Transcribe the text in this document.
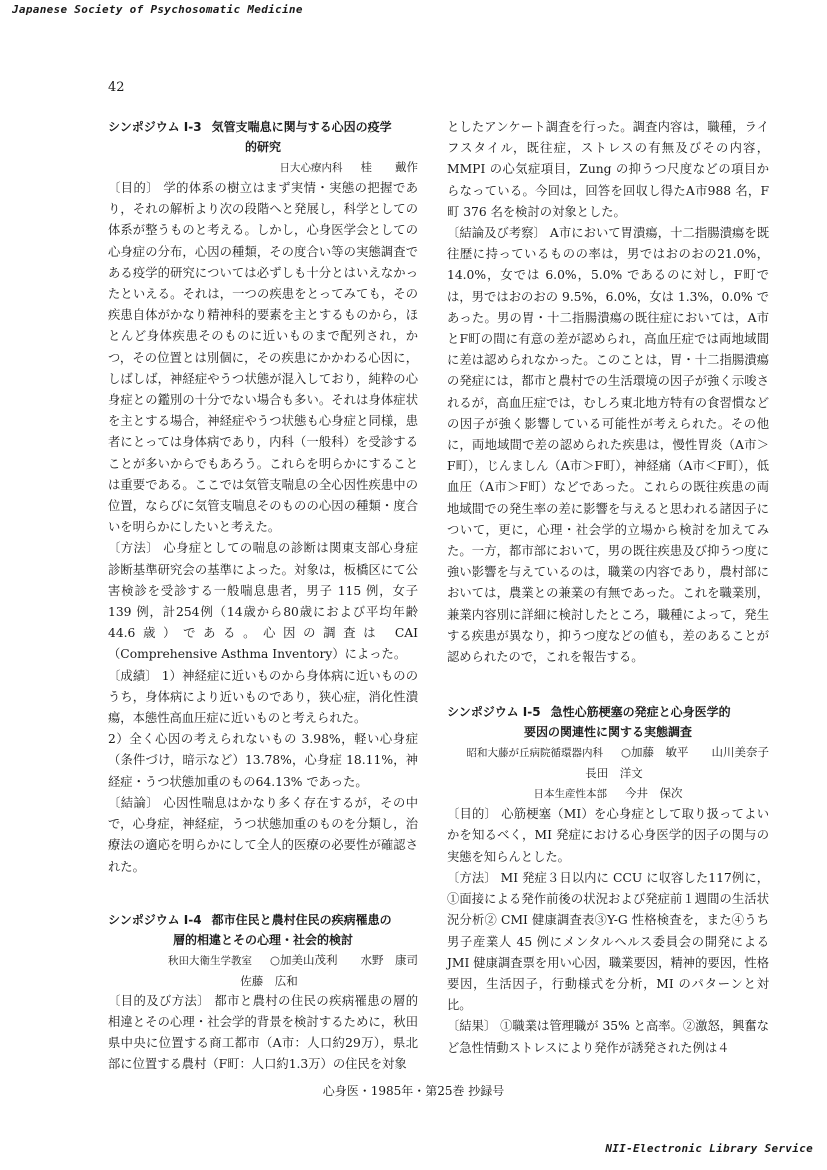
Japanese Society of Psychosomatic Medicine
42
シンポジウム I-3 気管支喘息に関与する心因の疫学
的研究
日大心療内科 桂　　戴作

〔目的〕 学的体系の樹立はまず実情・実態の把握であり，それの解析より次の段階へと発展し，科学としての体系が整うものと考える。しかし，心身医学会としての心身症の分布，心因の種類，その度合い等の実態調査である疫学的研究については必ずしも十分とはいえなかったといえる。それは，一つの疾患をとってみても，その疾患自体がかなり精神科的要素を主とするものから，ほとんど身体疾患そのものに近いものまで配列され，かつ，その位置とは別個に，その疾患にかかわる心因に，しばしば，神経症やうつ状態が混入しており，純粋の心身症との鑑別の十分でない場合も多い。それは身体症状を主とする場合，神経症やうつ状態も心身症と同様，患者にとっては身体病であり，内科（一般科）を受診することが多いからでもあろう。これらを明らかにすることは重要である。ここでは気管支喘息の全心因性疾患中の位置，ならびに気管支喘息そのものの心因の種類・度合いを明らかにしたいと考えた。

〔方法〕 心身症としての喘息の診断は関東支部心身症診断基準研究会の基準によった。対象は，板橋区にて公害検診を受診する一般喘息患者，男子 115 例，女子 139 例，計254例（14歳から80歳におよび平均年齢44.6歳）である。心因の調査は CAI（Comprehensive Asthma Inventory）によった。

〔成績〕 1）神経症に近いものから身体病に近いもののうち，身体病により近いものであり，狭心症，消化性潰瘍，本態性高血圧症に近いものと考えられた。

2）全く心因の考えられないもの 3.98%，軽い心身症（条件づけ，暗示など）13.78%，心身症 18.11%，神経症・うつ状態加重のもの64.13% であった。

〔結論〕 心因性喘息はかなり多く存在するが，その中で，心身症，神経症，うつ状態加重のものを分類し，治療法の適応を明らかにして全人的医療の必要性が確認された。

シンポジウム I-4 都市住民と農村住民の疾病罹患の
層的相違とその心理・社会的検討
秋田大衛生学教室 ○加美山茂利　　水野　康司
佐藤　広和

〔目的及び方法〕 都市と農村の住民の疾病罹患の層的相違とその心理・社会学的背景を検討するために，秋田県中央に位置する商工都市（A市：人口約29万），県北部に位置する農村（F町：人口約1.3万）の住民を対象

としたアンケート調査を行った。調査内容は，職種，ライフスタイル，既往症，ストレスの有無及びその内容，MMPI の心気症項目，Zung の抑うつ尺度などの項目からなっている。今回は，回答を回収し得たA市988 名，F町 376 名を検討の対象とした。

〔結論及び考察〕 A市において胃潰瘍，十二指腸潰瘍を既往歴に持っているものの率は，男ではおのおの21.0%，14.0%，女では 6.0%，5.0% であるのに対し，F町では，男ではおのおの 9.5%，6.0%，女は 1.3%，0.0% であった。男の胃・十二指腸潰瘍の既往症においては，A市とF町の間に有意の差が認められ，高血圧症では両地域間に差は認められなかった。このことは，胃・十二指腸潰瘍の発症には，都市と農村での生活環境の因子が強く示唆されるが，高血圧症では，むしろ東北地方特有の食習慣などの因子が強く影響している可能性が考えられた。その他に，両地域間で差の認められた疾患は，慢性胃炎（A市＞F町），じんましん（A市＞F町），神経痛（A市＜F町），低血圧（A市＞F町）などであった。これらの既往疾患の両地域間での発生率の差に影響を与えると思われる諸因子について，更に，心理・社会学的立場から検討を加えてみた。一方，都市部において，男の既往疾患及び抑うつ度に強い影響を与えているのは，職業の内容であり，農村部においては，農業との兼業の有無であった。これを職業別，兼業内容別に詳細に検討したところ，職種によって，発生する疾患が異なり，抑うつ度などの値も，差のあることが認められたので，これを報告する。

シンポジウム I-5 急性心筋梗塞の発症と心身医学的
要因の関連性に関する実態調査
昭和大藤が丘病院循環器内科 ○加藤　敏平　　山川美奈子
長田　洋文
日本生産性本部 今井　保次

〔目的〕 心筋梗塞（MI）を心身症として取り扱ってよいかを知るべく，MI 発症における心身医学的因子の関与の実態を知らんとした。

〔方法〕 MI 発症３日以内に CCU に収容した117例に，①面接による発作前後の状況および発症前１週間の生活状況分析② CMI 健康調査表③Y-G 性格検査を，また④うち男子産業人 45 例にメンタルヘルス委員会の開発による JMI 健康調査票を用い心因，職業要因，精神的要因，性格要因，生活因子，行動様式を分析，MI のパターンと対比。

〔結果〕 ①職業は管理職が 35% と高率。②激怒，興奮など急性情動ストレスにより発作が誘発された例は４

心身医・1985年・第25巻 抄録号
NII-Electronic Library Service
